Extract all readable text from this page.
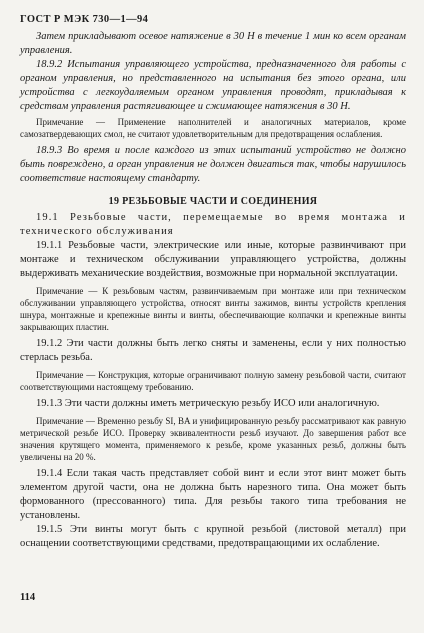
ГОСТ Р МЭК 730—1—94

Затем прикладывают осевое натяжение в 30 Н в течение 1 мин ко всем органам управления.

18.9.2 Испытания управляющего устройства, предназначенного для работы с органом управления, но представленного на испытания без этого органа, или устройства с легкоудаляемым органом управления проводят, прикладывая к средствам управления растягивающее и сжимающее натяжения в 30 Н.

Примечание — Применение наполнителей и аналогичных материалов, кроме самозатвердевающих смол, не считают удовлетворительным для предотвращения ослабления.

18.9.3 Во время и после каждого из этих испытаний устройство не должно быть повреждено, а орган управления не должен двигаться так, чтобы нарушилось соответствие настоящему стандарту.

19 РЕЗЬБОВЫЕ ЧАСТИ И СОЕДИНЕНИЯ

19.1 Резьбовые части, перемещаемые во время монтажа и технического обслуживания

19.1.1 Резьбовые части, электрические или иные, которые развинчивают при монтаже и техническом обслуживании управляющего устройства, должны выдерживать механические воздействия, возможные при нормальной эксплуатации.

Примечание — К резьбовым частям, развинчиваемым при монтаже или при техническом обслуживании управляющего устройства, относят винты зажимов, винты устройств крепления шнура, монтажные и крепежные винты и винты, обеспечивающие колпачки и крепежные винты закрывающих пластин.

19.1.2 Эти части должны быть легко сняты и заменены, если у них полностью стерлась резьба.

Примечание — Конструкция, которые ограничивают полную замену резьбовой части, считают соответствующими настоящему требованию.

19.1.3 Эти части должны иметь метрическую резьбу ИСО или аналогичную.

Примечание — Временно резьбу SI, BA и унифицированную резьбу рассматривают как равную метрической резьбе ИСО. Проверку эквивалентности резьб изучают. До завершения работ все значения крутящего момента, применяемого к резьбе, кроме указанных резьб, должны быть увеличены на 20 %.

19.1.4 Если такая часть представляет собой винт и если этот винт может быть элементом другой части, она не должна быть нарезного типа. Она может быть формованного (прессованного) типа. Для резьбы такого типа требования не установлены.

19.1.5 Эти винты могут быть с крупной резьбой (листовой металл) при оснащении соответствующими средствами, предотвращающими их ослабление.

114
